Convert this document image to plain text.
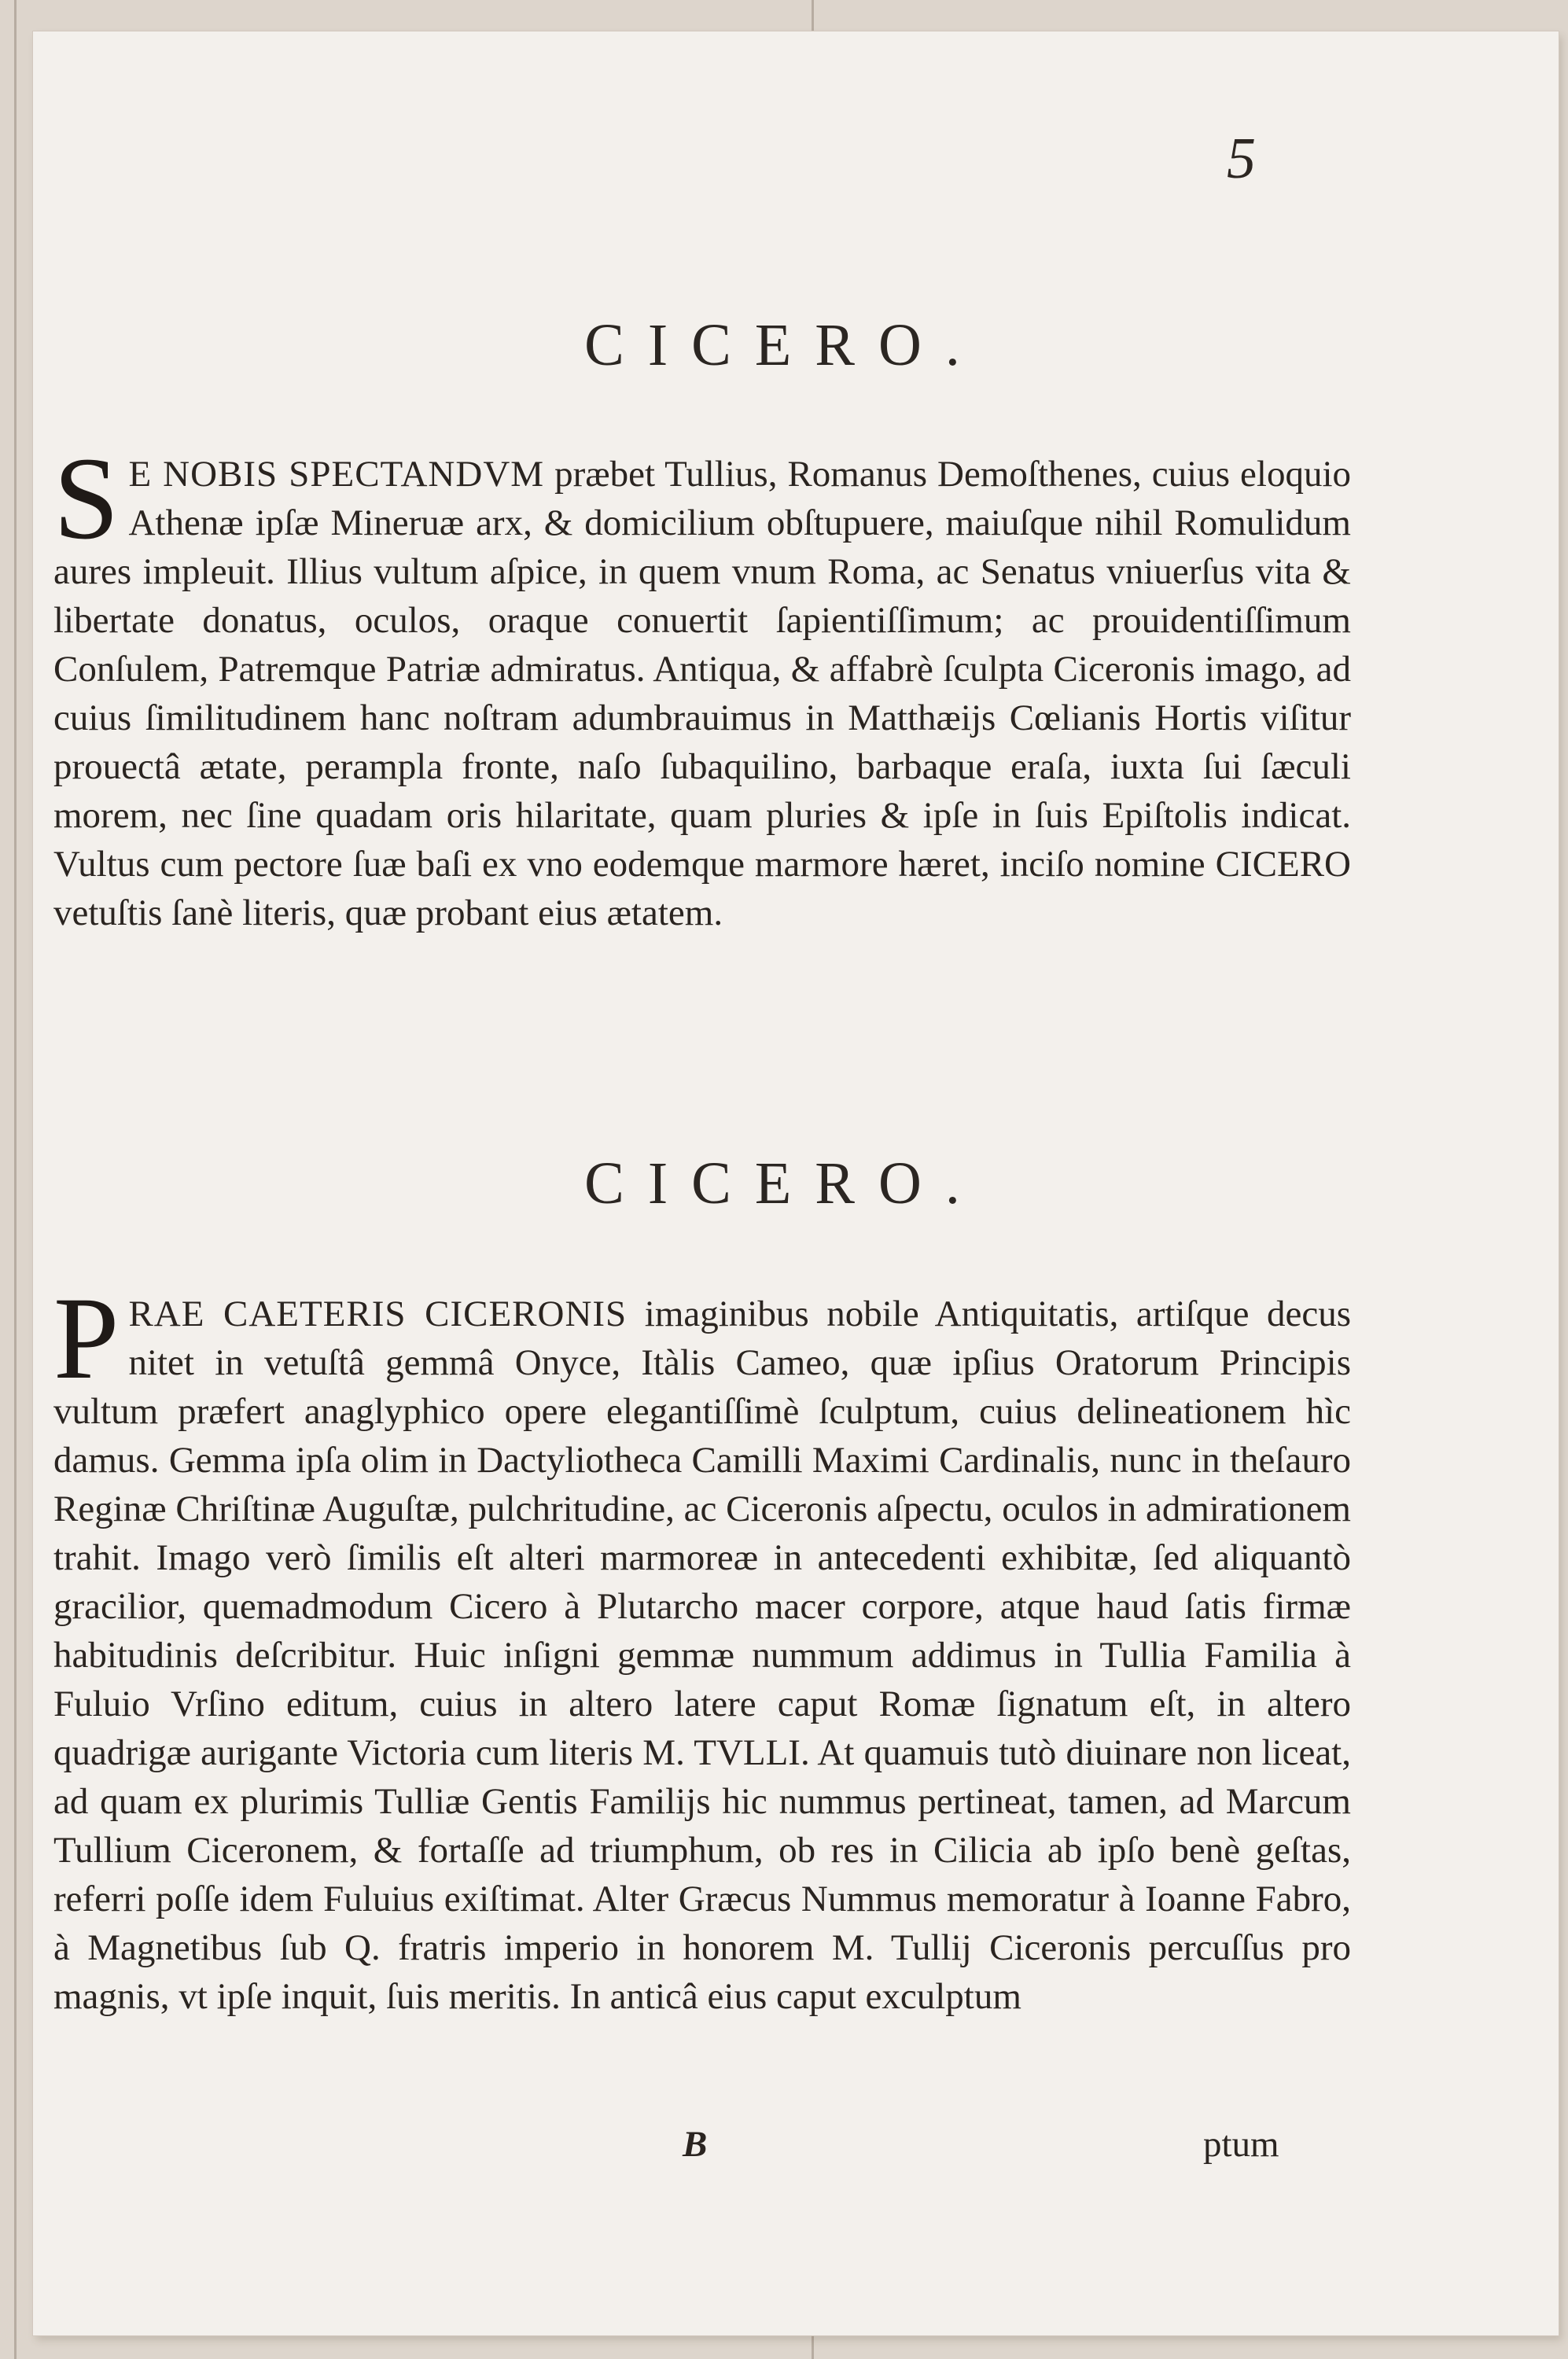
5
CICERO.
S E NOBIS SPECTANDVM præbet Tullius, Romanus Demoſthenes, cuius eloquio Athenæ ipſæ Mineruæ arx, & domicilium obſtupuere, maiuſque nihil Romulidum aures impleuit. Illius vultum aſpice, in quem vnum Roma, ac Senatus vniuerſus vita & libertate donatus, oculos, oraque conuertit ſapientiſſimum; ac prouidentiſſimum Conſulem, Patremque Patriæ admiratus. Antiqua, & affabrè ſculpta Ciceronis imago, ad cuius ſimilitudinem hanc noſtram adumbrauimus in Matthæijs Cœlianis Hortis viſitur prouectâ ætate, perampla fronte, naſo ſubaquilino, barbaque eraſa, iuxta ſui ſæculi morem, nec ſine quadam oris hilaritate, quam pluries & ipſe in ſuis Epiſtolis indicat. Vultus cum pectore ſuæ baſi ex vno eodemque marmore hæret, inciſo nomine CICERO vetuſtis ſanè literis, quæ probant eius ætatem.
CICERO.
PRAE CAETERIS CICERONIS imaginibus nobile Antiquitatis, artiſque decus nitet in vetuſtâ gemmâ Onyce, Itàlis Cameo, quæ ipſius Oratorum Principis vultum præfert anaglyphico opere elegantiſſimè ſculptum, cuius delineationem hìc damus. Gemma ipſa olim in Dactyliotheca Camilli Maximi Cardinalis, nunc in theſauro Reginæ Chriſtinæ Auguſtæ, pulchritudine, ac Ciceronis aſpectu, oculos in admirationem trahit. Imago verò ſimilis eſt alteri marmoreæ in antecedenti exhibitæ, ſed aliquantò gracilior, quemadmodum Cicero à Plutarcho macer corpore, atque haud ſatis firmæ habitudinis deſcribitur. Huic inſigni gemmæ nummum addimus in Tullia Familia à Fuluio Vrſino editum, cuius in altero latere caput Romæ ſignatum eſt, in altero quadrigæ aurigante Victoria cum literis M. TVLLI. At quamuis tutò diuinare non liceat, ad quam ex plurimis Tulliæ Gentis Familijs hic nummus pertineat, tamen, ad Marcum Tullium Ciceronem, & fortaſſe ad triumphum, ob res in Cilicia ab ipſo benè geſtas, referri poſſe idem Fuluius exiſtimat. Alter Græcus Nummus memoratur à Ioanne Fabro, à Magnetibus ſub Q. fratris imperio in honorem M. Tullij Ciceronis percuſſus pro magnis, vt ipſe inquit, ſuis meritis. In anticâ eius caput exculptum
B	ptum
